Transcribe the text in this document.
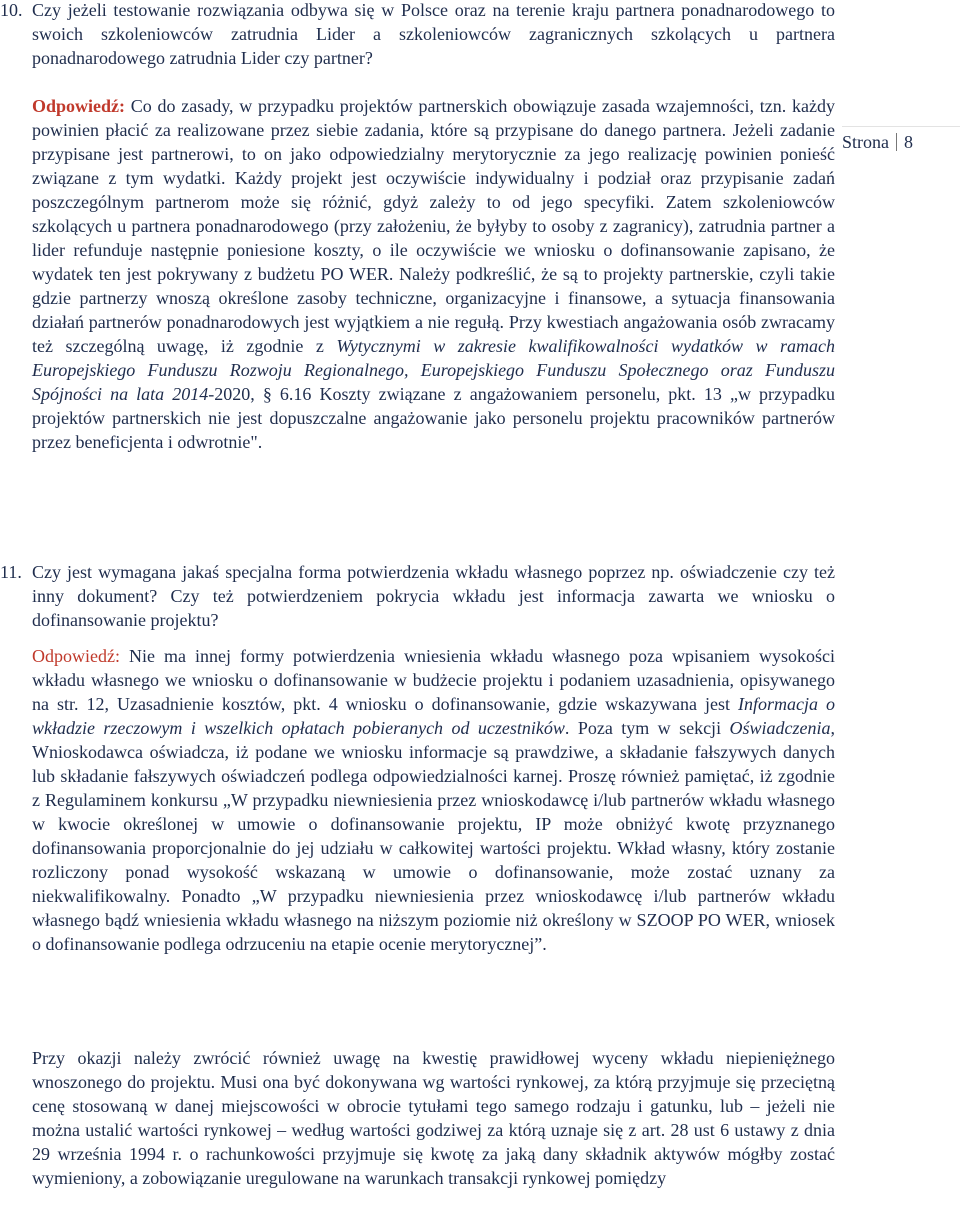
10. Czy jeżeli testowanie rozwiązania odbywa się w Polsce oraz na terenie kraju partnera ponadnarodowego to swoich szkoleniowców zatrudnia Lider a szkoleniowców zagranicznych szkolących u partnera ponadnarodowego zatrudnia Lider czy partner?
Odpowiedź: Co do zasady, w przypadku projektów partnerskich obowiązuje zasada wzajemności, tzn. każdy powinien płacić za realizowane przez siebie zadania, które są przypisane do danego partnera. Jeżeli zadanie przypisane jest partnerowi, to on jako odpowiedzialny merytorycznie za jego realizację powinien ponieść związane z tym wydatki. Każdy projekt jest oczywiście indywidualny i podział oraz przypisanie zadań poszczególnym partnerom może się różnić, gdyż zależy to od jego specyfiki. Zatem szkoleniowców szkolących u partnera ponadnarodowego (przy założeniu, że byłyby to osoby z zagranicy), zatrudnia partner a lider refunduje następnie poniesione koszty, o ile oczywiście we wniosku o dofinansowanie zapisano, że wydatek ten jest pokrywany z budżetu PO WER. Należy podkreślić, że są to projekty partnerskie, czyli takie gdzie partnerzy wnoszą określone zasoby techniczne, organizacyjne i finansowe, a sytuacja finansowania działań partnerów ponadnarodowych jest wyjątkiem a nie regułą. Przy kwestiach angażowania osób zwracamy też szczególną uwagę, iż zgodnie z Wytycznymi w zakresie kwalifikowalności wydatków w ramach Europejskiego Funduszu Rozwoju Regionalnego, Europejskiego Funduszu Społecznego oraz Funduszu Spójności na lata 2014-2020, § 6.16 Koszty związane z angażowaniem personelu, pkt. 13 „w przypadku projektów partnerskich nie jest dopuszczalne angażowanie jako personelu projektu pracowników partnerów przez beneficjenta i odwrotnie".
Strona 8
11. Czy jest wymagana jakaś specjalna forma potwierdzenia wkładu własnego poprzez np. oświadczenie czy też inny dokument? Czy też potwierdzeniem pokrycia wkładu jest informacja zawarta we wniosku o dofinansowanie projektu?
Odpowiedź: Nie ma innej formy potwierdzenia wniesienia wkładu własnego poza wpisaniem wysokości wkładu własnego we wniosku o dofinansowanie w budżecie projektu i podaniem uzasadnienia, opisywanego na str. 12, Uzasadnienie kosztów, pkt. 4 wniosku o dofinansowanie, gdzie wskazywana jest Informacja o wkładzie rzeczowym i wszelkich opłatach pobieranych od uczestników. Poza tym w sekcji Oświadczenia, Wnioskodawca oświadcza, iż podane we wniosku informacje są prawdziwe, a składanie fałszywych danych lub składanie fałszywych oświadczeń podlega odpowiedzialności karnej. Proszę również pamiętać, iż zgodnie z Regulaminem konkursu „W przypadku niewniesienia przez wnioskodawcę i/lub partnerów wkładu własnego w kwocie określonej w umowie o dofinansowanie projektu, IP może obniżyć kwotę przyznanego dofinansowania proporcjonalnie do jej udziału w całkowitej wartości projektu. Wkład własny, który zostanie rozliczony ponad wysokość wskazaną w umowie o dofinansowanie, może zostać uznany za niekwalifikowalny. Ponadto „W przypadku niewniesienia przez wnioskodawcę i/lub partnerów wkładu własnego bądź wniesienia wkładu własnego na niższym poziomie niż określony w SZOOP PO WER, wniosek o dofinansowanie podlega odrzuceniu na etapie ocenie merytorycznej”.
Przy okazji należy zwrócić również uwagę na kwestię prawidłowej wyceny wkładu niepieniężnego wnoszonego do projektu. Musi ona być dokonywana wg wartości rynkowej, za którą przyjmuje się przeciętną cenę stosowaną w danej miejscowości w obrocie tytułami tego samego rodzaju i gatunku, lub – jeżeli nie można ustalić wartości rynkowej – według wartości godziwej za którą uznaje się z art. 28 ust 6 ustawy z dnia 29 września 1994 r. o rachunkowości przyjmuje się kwotę za jaką dany składnik aktywów mógłby zostać wymieniony, a zobowiązanie uregulowane na warunkach transakcji rynkowej pomiędzy
